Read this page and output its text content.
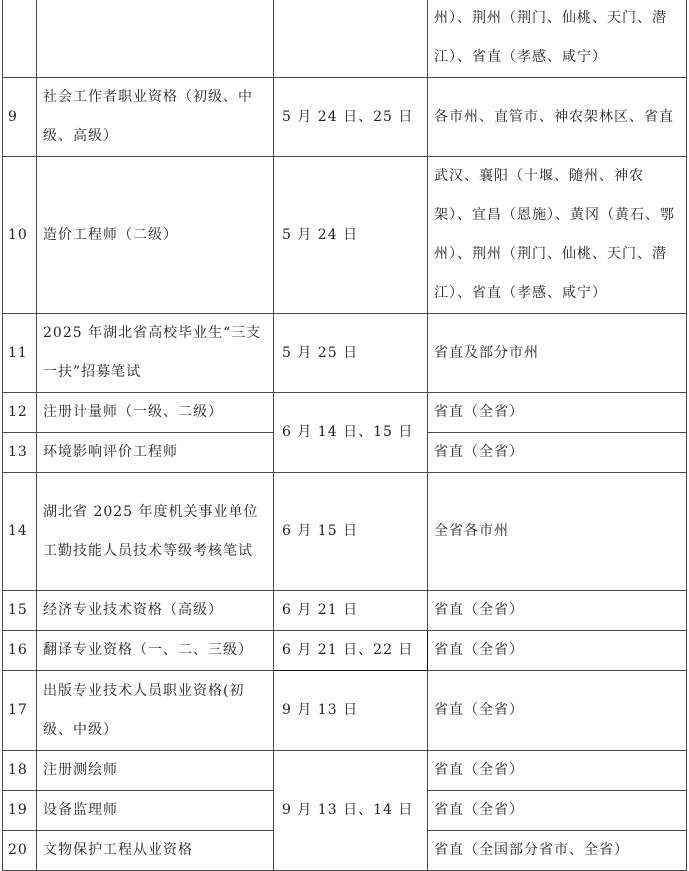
			州）、荆州（荆门、仙桃、天门、潜江）、省直（孝感、咸宁）

9	社会工作者职业资格（初级、中级、高级）	5 月 24 日、25 日	各市州、直管市、神农架林区、省直

10	造价工程师（二级）	5 月 24 日	武汉、襄阳（十堰、随州、神农架）、宜昌（恩施）、黄冈（黄石、鄂州）、荆州（荆门、仙桃、天门、潜江）、省直（孝感、咸宁）

11	2025 年湖北省高校毕业生“三支一扶”招募笔试	5 月 25 日	省直及部分市州
12	注册计量师（一级、二级）	6 月 14 日、15 日	省直（全省）
13	环境影响评价工程师		省直（全省）
14	湖北省 2025 年度机关事业单位工勤技能人员技术等级考核笔试	6 月 15 日	全省各市州
15	经济专业技术资格（高级）	6 月 21 日	省直（全省）
16	翻译专业资格（一、二、三级）	6 月 21 日、22 日	省直（全省）
17	出版专业技术人员职业资格(初级、中级）	9 月 13 日	省直（全省）
18	注册测绘师	9 月 13 日、14 日	省直（全省）
19	设备监理师		省直（全省）
20	文物保护工程从业资格		省直（全国部分省市、全省）
